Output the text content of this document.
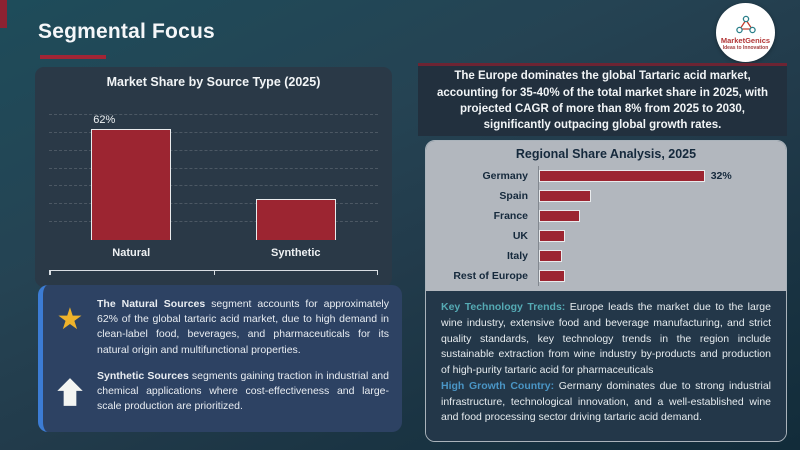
Segmental Focus	MarketGenics
Ideas to Innovation
Market Share by Source Type (2025)
62%
Natural	Synthetic

The Europe dominates the global Tartaric acid market, accounting for 35-40% of the total market share in 2025, with projected CAGR of more than 8% from 2025 to 2030, significantly outpacing global growth rates.

Regional Share Analysis, 2025
Germany	32%
Spain
France
UK
Italy
Rest of Europe

Key Technology Trends: Europe leads the market due to the large wine industry, extensive food and beverage manufacturing, and strict quality standards, key technology trends in the region include sustainable extraction from wine industry by-products and production of high-purity tartaric acid for pharmaceuticals

High Growth Country: Germany dominates due to strong industrial infrastructure, technological innovation, and a well-established wine and food processing sector driving tartaric acid demand.

★ The Natural Sources segment accounts for approximately 62% of the global tartaric acid market, due to high demand in clean-label food, beverages, and pharmaceuticals for its natural origin and multifunctional properties.

Synthetic Sources segments gaining traction in industrial and chemical applications where cost-effectiveness and large-scale production are prioritized.
